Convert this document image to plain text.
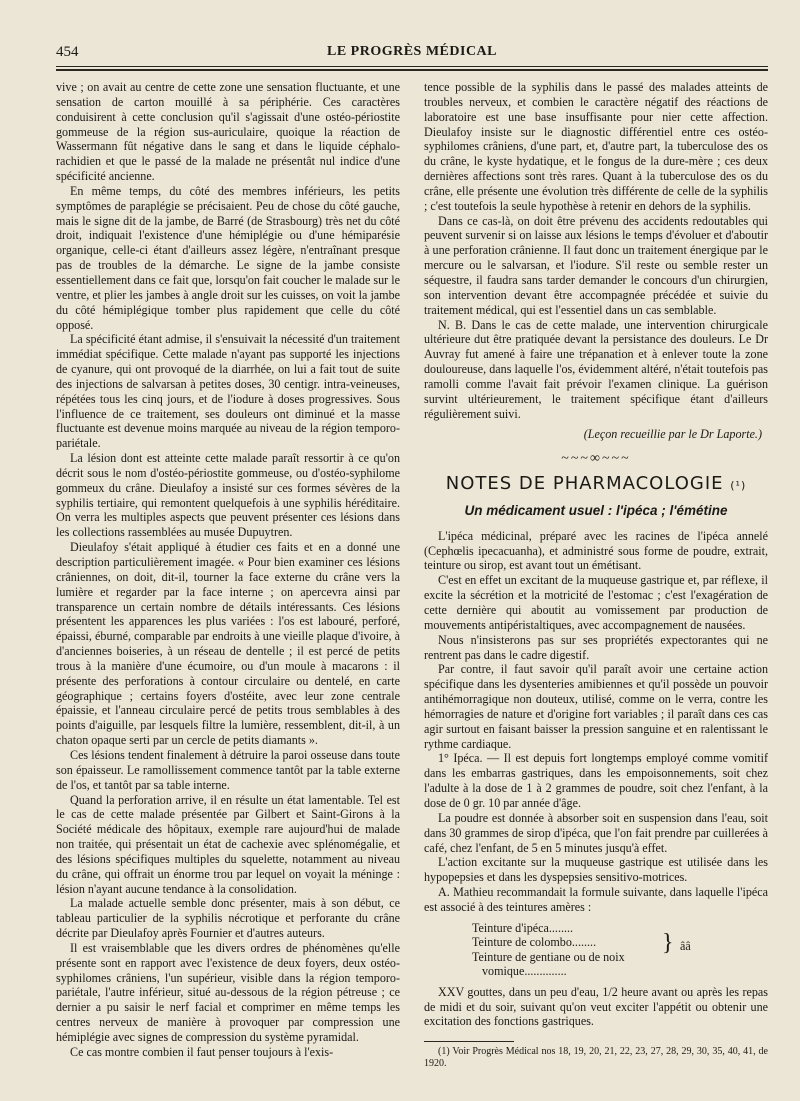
454	LE PROGRÈS MÉDICAL

vive ; on avait au centre de cette zone une sensation fluctuante, et une sensation de carton mouillé à sa périphérie. Ces caractères conduisirent à cette conclusion qu'il s'agissait d'une ostéo-périostite gommeuse de la région sus-auriculaire, quoique la réaction de Wassermann fût négative dans le sang et dans le liquide céphalo-rachidien et que le passé de la malade ne présentât nul indice d'une spécificité ancienne.

En même temps, du côté des membres inférieurs, les petits symptômes de paraplégie se précisaient. Peu de chose du côté gauche, mais le signe dit de la jambe, de Barré (de Strasbourg) très net du côté droit, indiquait l'existence d'une hémiplégie ou d'une hémiparésie organique, celle-ci étant d'ailleurs assez légère, n'entraînant presque pas de troubles de la démarche. Le signe de la jambe consiste essentiellement dans ce fait que, lorsqu'on fait coucher le malade sur le ventre, et plier les jambes à angle droit sur les cuisses, on voit la jambe du côté hémiplégique tomber plus rapidement que celle du côté opposé.

La spécificité étant admise, il s'ensuivait la nécessité d'un traitement immédiat spécifique. Cette malade n'ayant pas supporté les injections de cyanure, qui ont provoqué de la diarrhée, on lui a fait tout de suite des injections de salvarsan à petites doses, 30 centigr. intra-veineuses, répétées tous les cinq jours, et de l'iodure à doses progressives. Sous l'influence de ce traitement, ses douleurs ont diminué et la masse fluctuante est devenue moins marquée au niveau de la région temporo-pariétale.

La lésion dont est atteinte cette malade paraît ressortir à ce qu'on décrit sous le nom d'ostéo-périostite gommeuse, ou d'ostéo-syphilome gommeux du crâne. Dieulafoy a insisté sur ces formes sévères de la syphilis tertiaire, qui remontent quelquefois à une syphilis héréditaire. On verra les multiples aspects que peuvent présenter ces lésions dans les collections rassemblées au musée Dupuytren.

Dieulafoy s'était appliqué à étudier ces faits et en a donné une description particulièrement imagée. « Pour bien examiner ces lésions crâniennes, on doit, dit-il, tourner la face externe du crâne vers la lumière et regarder par la face interne ; on apercevra ainsi par transparence un certain nombre de détails intéressants. Ces lésions présentent les apparences les plus variées : l'os est labouré, perforé, épaissi, éburné, comparable par endroits à une vieille plaque d'ivoire, à d'anciennes boiseries, à un réseau de dentelle ; il est percé de petits trous à la manière d'une écumoire, ou d'un moule à macarons : il présente des perforations à contour circulaire ou dentelé, en carte géographique ; certains foyers d'ostéite, avec leur zone centrale épaissie, et l'anneau circulaire percé de petits trous semblables à des points d'aiguille, par lesquels filtre la lumière, ressemblent, dit-il, à un chaton opaque serti par un cercle de petits diamants ».

Ces lésions tendent finalement à détruire la paroi osseuse dans toute son épaisseur. Le ramollissement commence tantôt par la table externe de l'os, et tantôt par sa table interne.

Quand la perforation arrive, il en résulte un état lamentable. Tel est le cas de cette malade présentée par Gilbert et Saint-Girons à la Société médicale des hôpitaux, exemple rare aujourd'hui de malade non traitée, qui présentait un état de cachexie avec splénomégalie, et des lésions spécifiques multiples du squelette, notamment au niveau du crâne, qui offrait un énorme trou par lequel on voyait la méninge : lésion n'ayant aucune tendance à la consolidation.

La malade actuelle semble donc présenter, mais à son début, ce tableau particulier de la syphilis nécrotique et perforante du crâne décrite par Dieulafoy après Fournier et d'autres auteurs.

Il est vraisemblable que les divers ordres de phénomènes qu'elle présente sont en rapport avec l'existence de deux foyers, deux ostéo-syphilomes crâniens, l'un supérieur, visible dans la région temporo-pariétale, l'autre inférieur, situé au-dessous de la région pétreuse ; ce dernier a pu saisir le nerf facial et comprimer en même temps les centres nerveux de manière à provoquer par compression une hémiplégie avec signes de compression du système pyramidal.

Ce cas montre combien il faut penser toujours à l'exis-

tence possible de la syphilis dans le passé des malades atteints de troubles nerveux, et combien le caractère négatif des réactions de laboratoire est une base insuffisante pour nier cette affection. Dieulafoy insiste sur le diagnostic différentiel entre ces ostéo-syphilomes crâniens, d'une part, et, d'autre part, la tuberculose des os du crâne, le kyste hydatique, et le fongus de la dure-mère ; ces deux dernières affections sont très rares. Quant à la tuberculose des os du crâne, elle présente une évolution très différente de celle de la syphilis ; c'est toutefois la seule hypothèse à retenir en dehors de la syphilis.

Dans ce cas-là, on doit être prévenu des accidents redoutables qui peuvent survenir si on laisse aux lésions le temps d'évoluer et d'aboutir à une perforation crânienne. Il faut donc un traitement énergique par le mercure ou le salvarsan, et l'iodure. S'il reste ou semble rester un séquestre, il faudra sans tarder demander le concours d'un chirurgien, son intervention devant être accompagnée précédée et suivie du traitement médical, qui est l'essentiel dans un cas semblable.

N. B. Dans le cas de cette malade, une intervention chirurgicale ultérieure dut être pratiquée devant la persistance des douleurs. Le Dr Auvray fut amené à faire une trépanation et à enlever toute la zone douloureuse, dans laquelle l'os, évidemment altéré, n'était toutefois pas ramolli comme l'avait fait prévoir l'examen clinique. La guérison survint ultérieurement, le traitement spécifique étant d'ailleurs régulièrement suivi.

(Leçon recueillie par le Dr Laporte.)

~~~∞~~~
NOTES DE PHARMACOLOGIE (¹)
Un médicament usuel : l'ipéca ; l'émétine

L'ipéca médicinal, préparé avec les racines de l'ipéca annelé (Cephœlis ipecacuanha), et administré sous forme de poudre, extrait, teinture ou sirop, est avant tout un émétisant.

C'est en effet un excitant de la muqueuse gastrique et, par réflexe, il excite la sécrétion et la motricité de l'estomac ; c'est l'exagération de cette dernière qui aboutit au vomissement par production de mouvements antipéristaltiques, avec accompagnement de nausées.

Nous n'insisterons pas sur ses propriétés expectorantes qui ne rentrent pas dans le cadre digestif.

Par contre, il faut savoir qu'il paraît avoir une certaine action spécifique dans les dysenteries amibiennes et qu'il possède un pouvoir antihémorragique non douteux, utilisé, comme on le verra, contre les hémorragies de nature et d'origine fort variables ; il paraît dans ces cas agir surtout en faisant baisser la pression sanguine et en ralentissant le rythme cardiaque.

1° Ipéca. — Il est depuis fort longtemps employé comme vomitif dans les embarras gastriques, dans les empoisonnements, soit chez l'adulte à la dose de 1 à 2 grammes de poudre, soit chez l'enfant, à la dose de 0 gr. 10 par année d'âge.

La poudre est donnée à absorber soit en suspension dans l'eau, soit dans 30 grammes de sirop d'ipéca, que l'on fait prendre par cuillerées à café, chez l'enfant, de 5 en 5 minutes jusqu'à effet.

L'action excitante sur la muqueuse gastrique est utilisée dans les hypopepsies et dans les dyspepsies sensitivo-motrices.

A. Mathieu recommandait la formule suivante, dans laquelle l'ipéca est associé à des teintures amères :

Teinture d'ipéca........
Teinture de colombo........
Teinture de gentiane ou de noix
vomique..............
} ââ

XXV gouttes, dans un peu d'eau, 1/2 heure avant ou après les repas de midi et du soir, suivant qu'on veut exciter l'appétit ou obtenir une excitation des fonctions gastriques.

(1) Voir Progrès Médical nos 18, 19, 20, 21, 22, 23, 27, 28, 29, 30, 35, 40, 41, de 1920.
